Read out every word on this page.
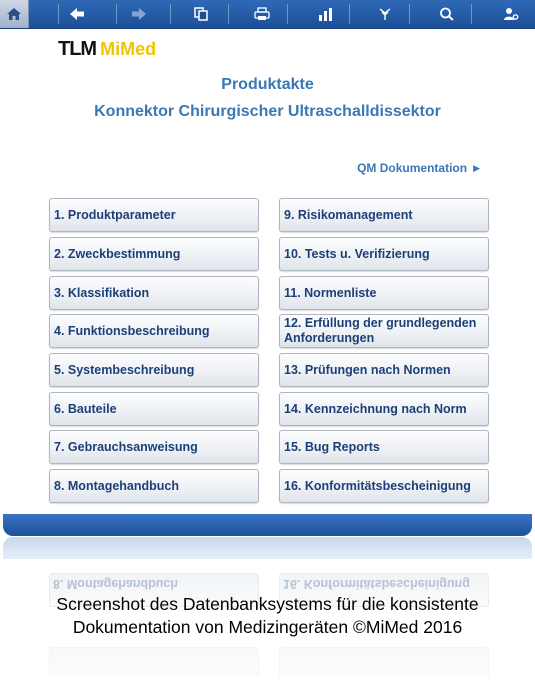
TLM MiMed
Produktakte
Konnektor Chirurgischer Ultraschalldissektor
QM Dokumentation ▶
1. Produktparameter
2. Zweckbestimmung
3. Klassifikation
4. Funktionsbeschreibung
5. Systembeschreibung
6. Bauteile
7. Gebrauchsanweisung
8. Montagehandbuch
9. Risikomanagement
10. Tests u. Verifizierung
11. Normenliste
12. Erfüllung der grundlegenden Anforderungen
13. Prüfungen nach Normen
14. Kennzeichnung nach Norm
15. Bug Reports
16. Konformitätsbescheinigung
8. Montagehandbuch	16. Konformitätsbescheinigung
Screenshot des Datenbanksystems für die konsistente
Dokumentation von Medizingeräten ©MiMed 2016
